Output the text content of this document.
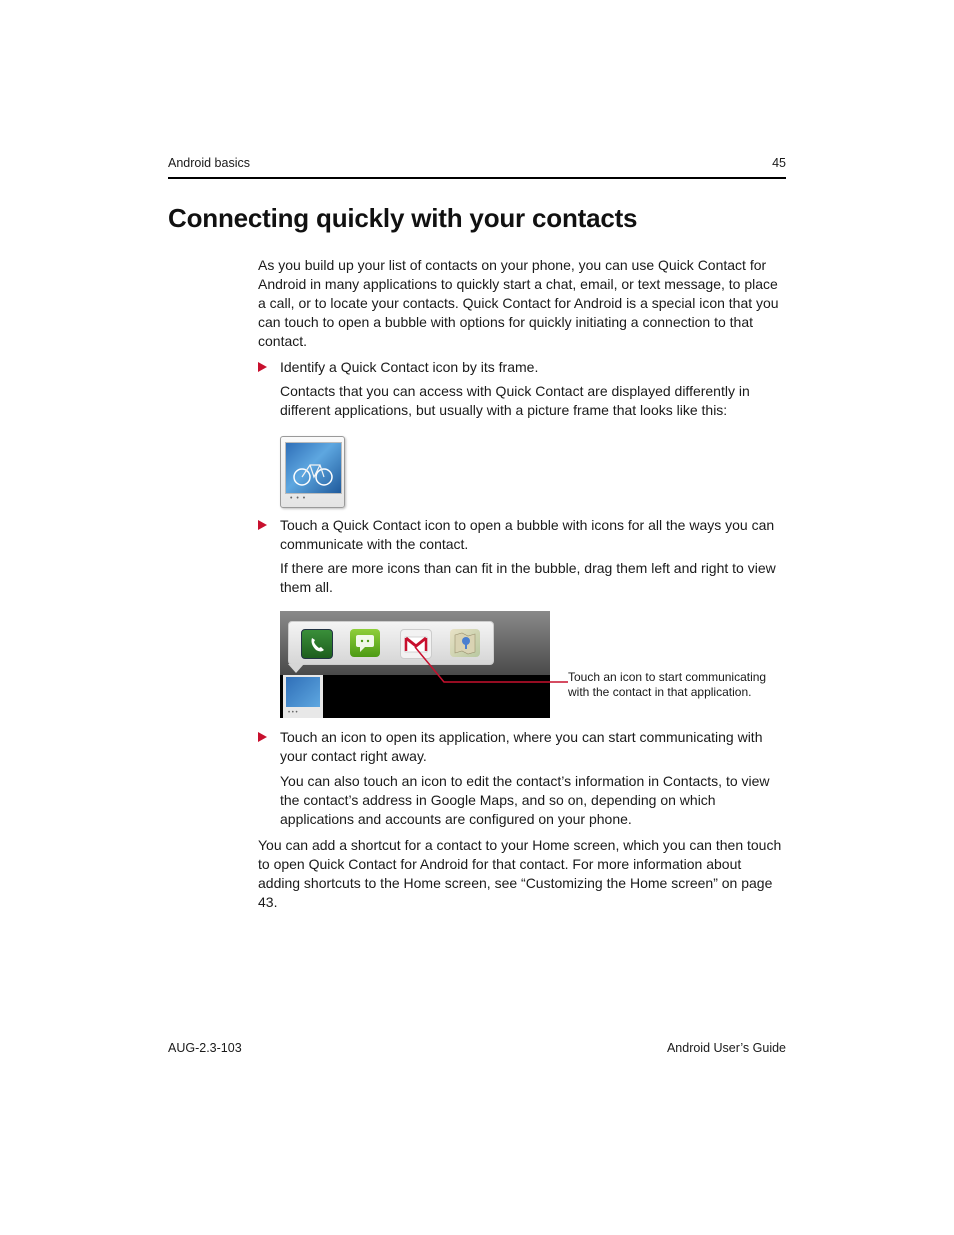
Android basics	45
Connecting quickly with your contacts

As you build up your list of contacts on your phone, you can use Quick Contact for Android in many applications to quickly start a chat, email, or text message, to place a call, or to locate your contacts. Quick Contact for Android is a special icon that you can touch to open a bubble with options for quickly initiating a connection to that contact.

Identify a Quick Contact icon by its frame.

Contacts that you can access with Quick Contact are displayed differently in different applications, but usually with a picture frame that looks like this:

• • •
Touch a Quick Contact icon to open a bubble with icons for all the ways you can communicate with the contact.

If there are more icons than can fit in the bubble, drag them left and right to view them all.

• • •
Touch an icon to start communicating with the contact in that application.
Touch an icon to open its application, where you can start communicating with your contact right away.

You can also touch an icon to edit the contact’s information in Contacts, to view the contact’s address in Google Maps, and so on, depending on which applications and accounts are configured on your phone.

You can add a shortcut for a contact to your Home screen, which you can then touch to open Quick Contact for Android for that contact. For more information about adding shortcuts to the Home screen, see “Customizing the Home screen” on page 43.

AUG-2.3-103	Android User’s Guide
